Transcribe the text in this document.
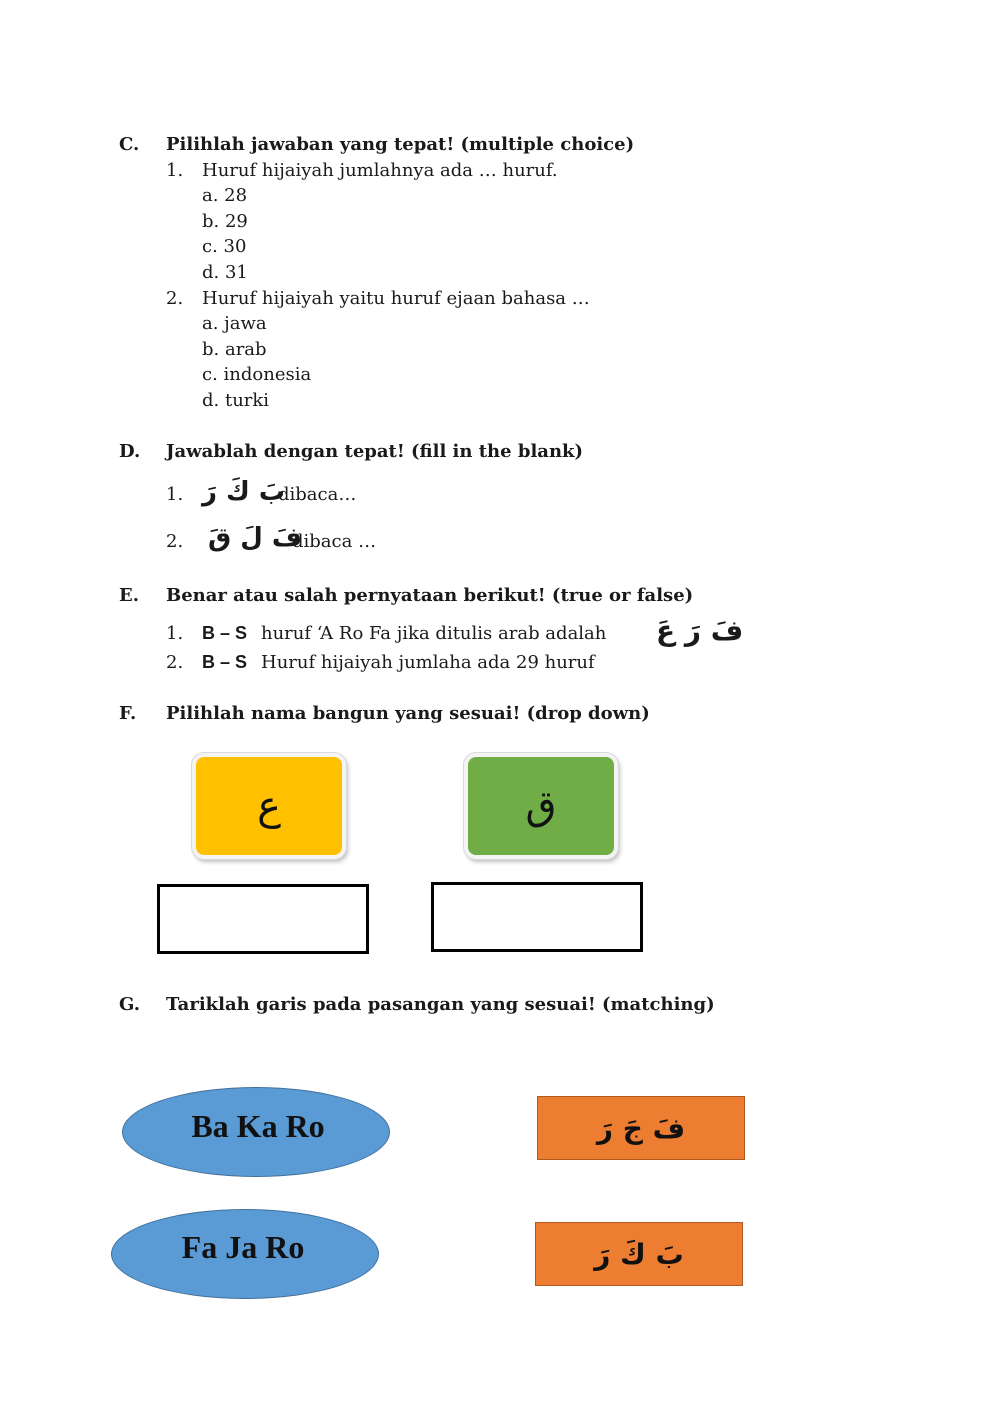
C. Pilihlah jawaban yang tepat! (multiple choice)
1. Huruf hijaiyah jumlahnya ada … huruf.
a. 28
b. 29
c. 30
d. 31
2. Huruf hijaiyah yaitu huruf ejaan bahasa …
a. jawa
b. arab
c. indonesia
d. turki
D. Jawablah dengan tepat! (fill in the blank)
1. بَ كَ رَ
dibaca…
2. فَ لَ قَ
dibaca …
E. Benar atau salah pernyataan berikut! (true or false)
1. B – S huruf ‘A Ro Fa jika ditulis arab adalah فَ رَ عَ
2. B – S Huruf hijaiyah jumlaha ada 29 huruf
F. Pilihlah nama bangun yang sesuai! (drop down)
ع	ق
G. Tariklah garis pada pasangan yang sesuai! (matching)
Ba Ka Ro
Fa Ja Ro
فَ جَ رَ
بَ كَ رَ
